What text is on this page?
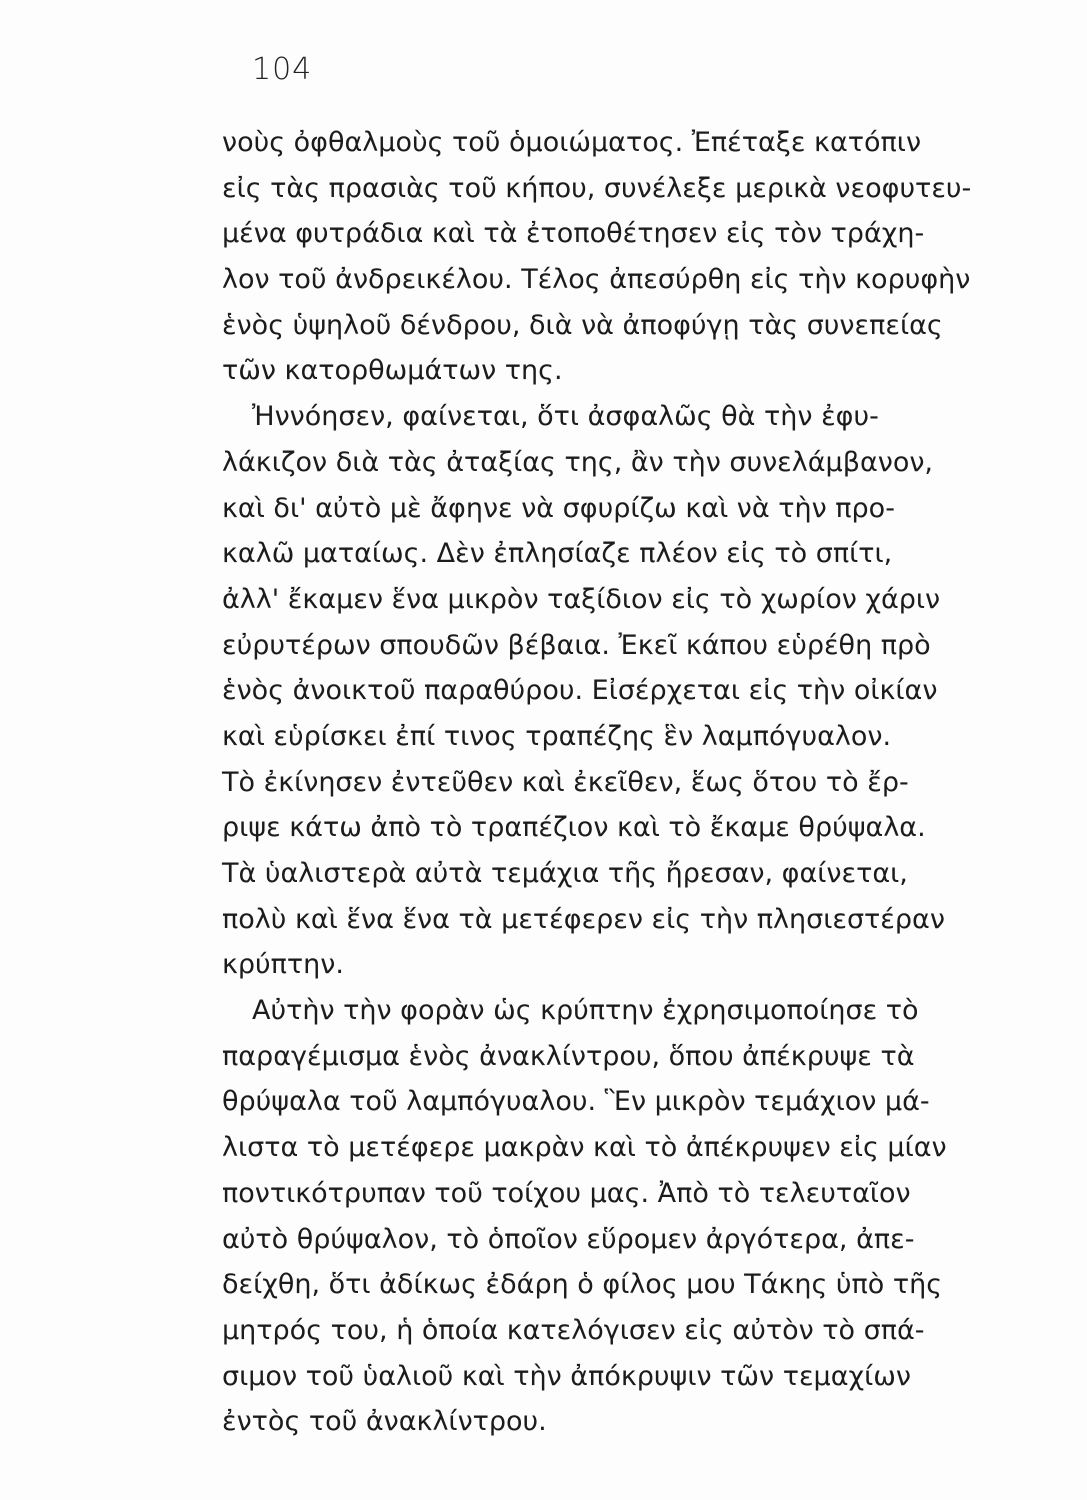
104
νοὺς ὀφθαλμοὺς τοῦ ὁμοιώματος. Ἐπέταξε κατόπιν
εἰς τὰς πρασιὰς τοῦ κήπου, συνέλεξε μερικὰ νεοφυτευ-
μένα φυτράδια καὶ τὰ ἐτοποθέτησεν εἰς τὸν τράχη-
λον τοῦ ἀνδρεικέλου. Τέλος ἀπεσύρθη εἰς τὴν κορυφὴν
ἑνὸς ὑψηλοῦ δένδρου, διὰ νὰ ἀποφύγῃ τὰς συνεπείας
τῶν κατορθωμάτων της.
Ἠννόησεν, φαίνεται, ὅτι ἀσφαλῶς θὰ τὴν ἐφυ-
λάκιζον διὰ τὰς ἀταξίας της, ἂν τὴν συνελάμβανον,
καὶ δι' αὐτὸ μὲ ἄφηνε νὰ σφυρίζω καὶ νὰ τὴν προ-
καλῶ ματαίως. Δὲν ἐπλησίαζε πλέον εἰς τὸ σπίτι,
ἀλλ' ἔκαμεν ἕνα μικρὸν ταξίδιον εἰς τὸ χωρίον χάριν
εὐρυτέρων σπουδῶν βέβαια. Ἐκεῖ κάπου εὑρέθη πρὸ
ἑνὸς ἀνοικτοῦ παραθύρου. Εἰσέρχεται εἰς τὴν οἰκίαν
καὶ εὑρίσκει ἐπί τινος τραπέζης ἓν λαμπόγυαλον.
Τὸ ἐκίνησεν ἐντεῦθεν καὶ ἐκεῖθεν, ἕως ὅτου τὸ ἔρ-
ριψε κάτω ἀπὸ τὸ τραπέζιον καὶ τὸ ἔκαμε θρύψαλα.
Τὰ ὑαλιστερὰ αὐτὰ τεμάχια τῆς ἤρεσαν, φαίνεται,
πολὺ καὶ ἕνα ἕνα τὰ μετέφερεν εἰς τὴν πλησιεστέραν
κρύπτην.
Αὐτὴν τὴν φορὰν ὡς κρύπτην ἐχρησιμοποίησε τὸ
παραγέμισμα ἑνὸς ἀνακλίντρου, ὅπου ἀπέκρυψε τὰ
θρύψαλα τοῦ λαμπόγυαλου. Ἓν μικρὸν τεμάχιον μά-
λιστα τὸ μετέφερε μακρὰν καὶ τὸ ἀπέκρυψεν εἰς μίαν
ποντικότρυπαν τοῦ τοίχου μας. Ἀπὸ τὸ τελευταῖον
αὐτὸ θρύψαλον, τὸ ὁποῖον εὕρομεν ἀργότερα, ἀπε-
δείχθη, ὅτι ἀδίκως ἐδάρη ὁ φίλος μου Τάκης ὑπὸ τῆς
μητρός του, ἡ ὁποία κατελόγισεν εἰς αὐτὸν τὸ σπά-
σιμον τοῦ ὑαλιοῦ καὶ τὴν ἀπόκρυψιν τῶν τεμαχίων
ἐντὸς τοῦ ἀνακλίντρου.
